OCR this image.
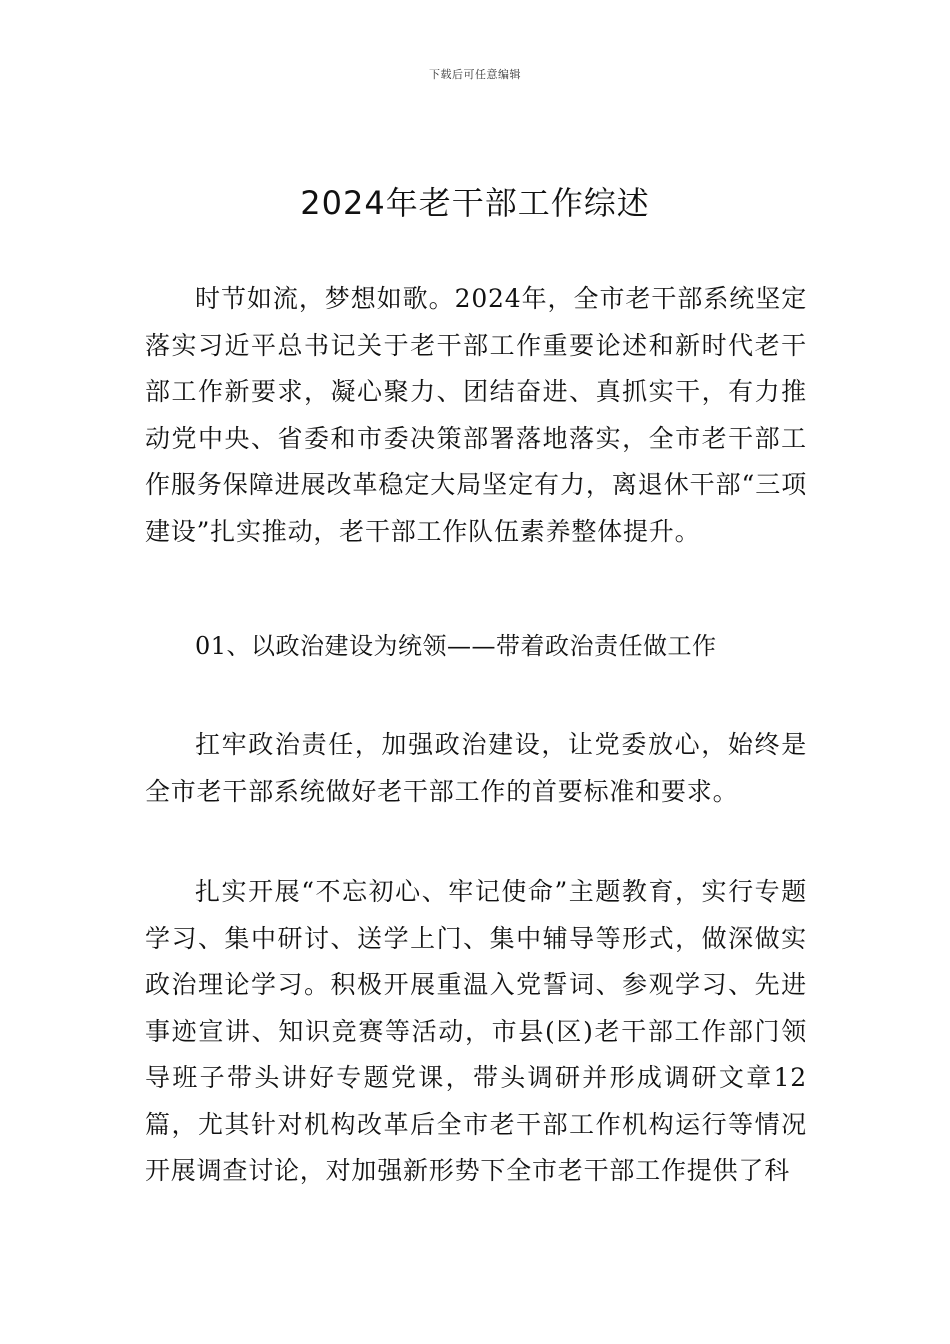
下载后可任意编辑
2024年老干部工作综述

时节如流，梦想如歌。2024年，全市老干部系统坚定落实习近平总书记关于老干部工作重要论述和新时代老干部工作新要求，凝心聚力、团结奋进、真抓实干，有力推动党中央、省委和市委决策部署落地落实，全市老干部工作服务保障进展改革稳定大局坚定有力，离退休干部“三项建设”扎实推动，老干部工作队伍素养整体提升。

01、以政治建设为统领——带着政治责任做工作

扛牢政治责任，加强政治建设，让党委放心，始终是全市老干部系统做好老干部工作的首要标准和要求。

扎实开展“不忘初心、牢记使命”主题教育，实行专题学习、集中研讨、送学上门、集中辅导等形式，做深做实政治理论学习。积极开展重温入党誓词、参观学习、先进事迹宣讲、知识竞赛等活动，市县(区)老干部工作部门领导班子带头讲好专题党课，带头调研并形成调研文章12篇，尤其针对机构改革后全市老干部工作机构运行等情况开展调查讨论，对加强新形势下全市老干部工作提供了科
